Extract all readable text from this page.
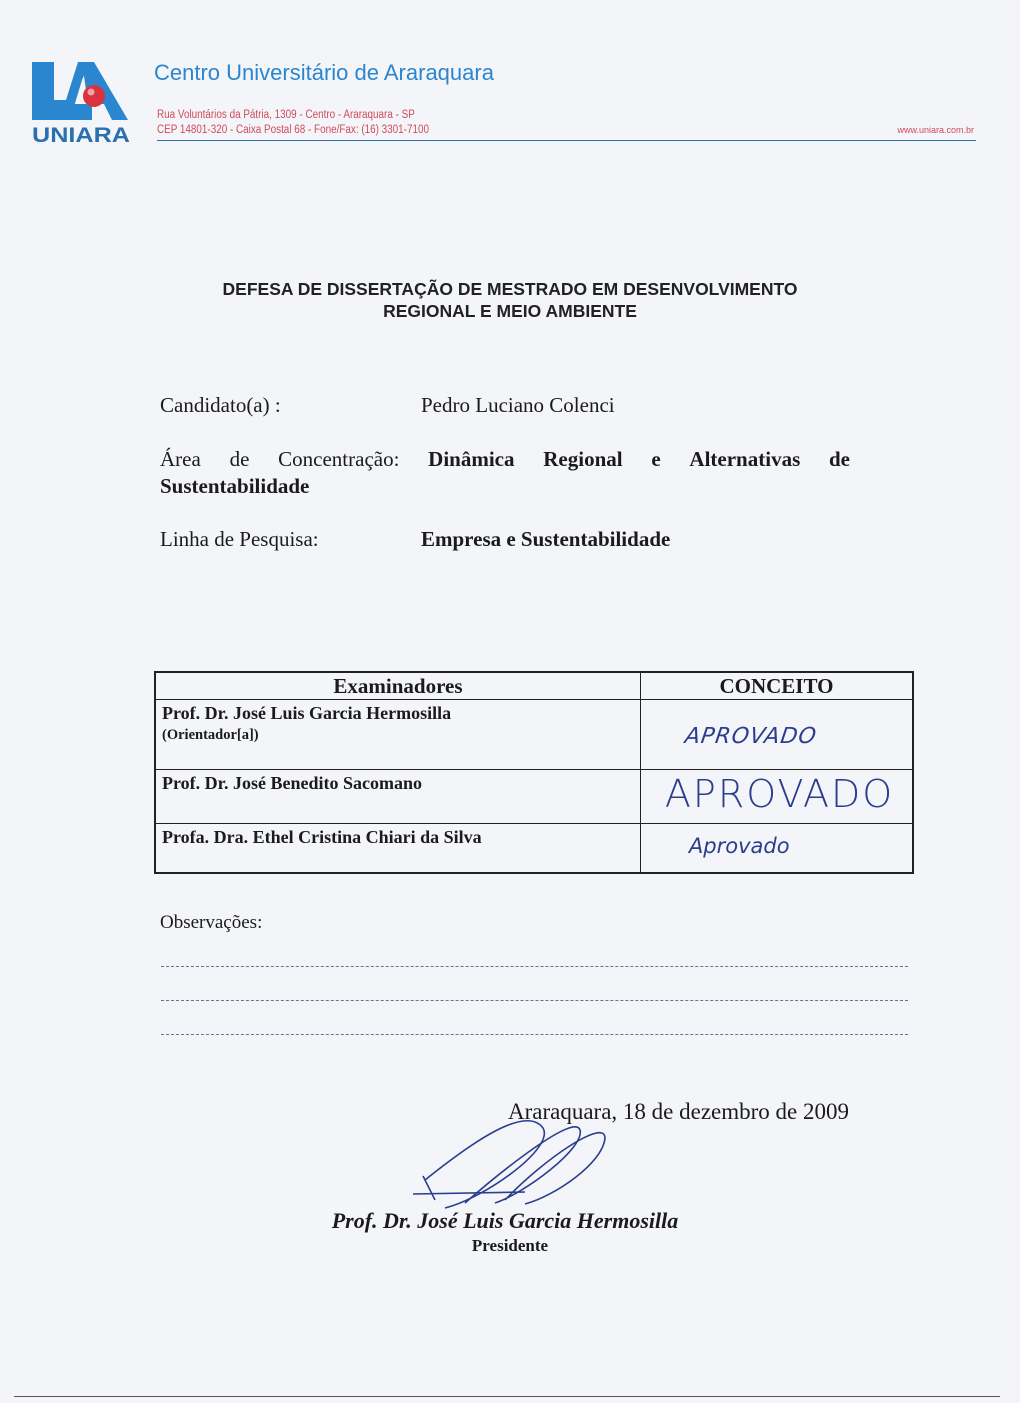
UNIARA
Centro Universitário de Araraquara
Rua Voluntários da Pátria, 1309 - Centro - Araraquara - SP
CEP 14801-320 - Caixa Postal 68 - Fone/Fax: (16) 3301-7100	www.uniara.com.br
DEFESA DE DISSERTAÇÃO DE MESTRADO EM DESENVOLVIMENTO
REGIONAL E MEIO AMBIENTE
Candidato(a) :	Pedro Luciano Colenci
Área de Concentração: Dinâmica Regional e Alternativas de
Sustentabilidade
Linha de Pesquisa:	Empresa e Sustentabilidade
Examinadores	CONCEITO
Prof. Dr. José Luis Garcia Hermosilla
(Orientador[a])	APROVADO

Prof. Dr. José Benedito Sacomano	APROVADO

Profa. Dra. Ethel Cristina Chiari da Silva	Aprovado
Observações:
Araraquara, 18 de dezembro de 2009
Prof. Dr. José Luis Garcia Hermosilla
Presidente
